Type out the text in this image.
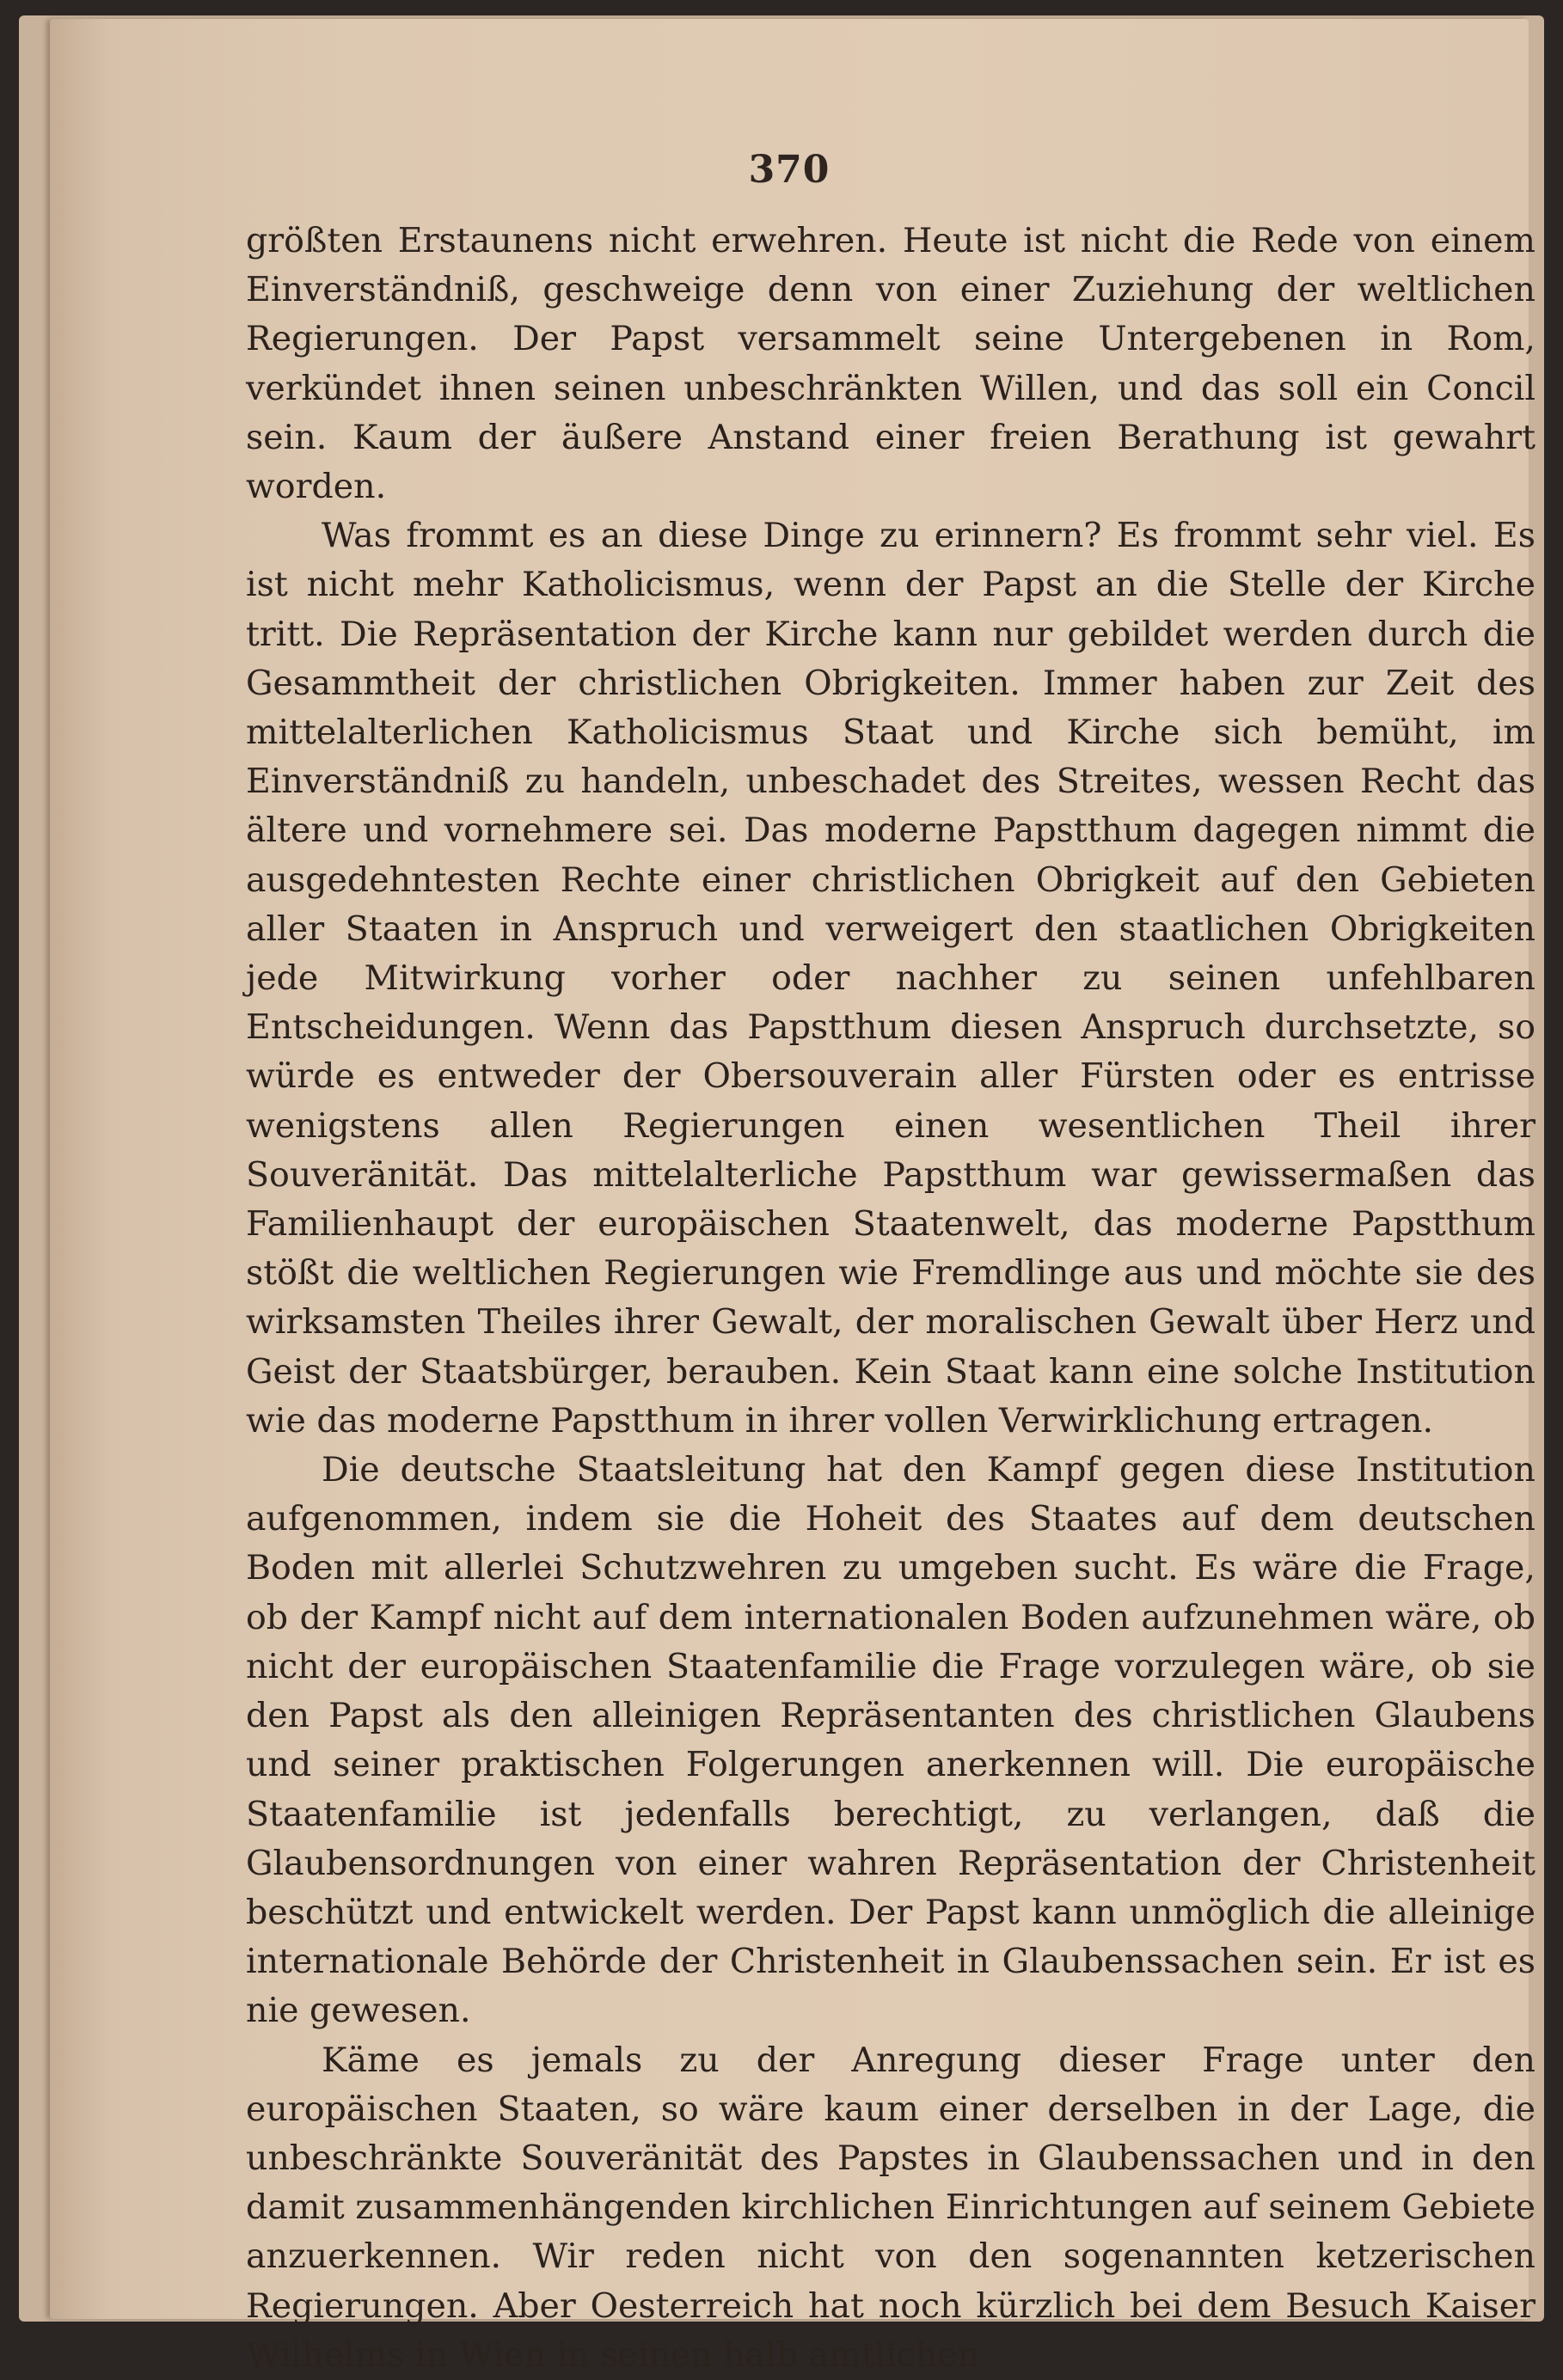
370

größten Erstaunens nicht erwehren. Heute ist nicht die Rede von einem Einverständniß, geschweige denn von einer Zuziehung der weltlichen Regierungen. Der Papst versammelt seine Untergebenen in Rom, verkündet ihnen seinen unbeschränkten Willen, und das soll ein Concil sein. Kaum der äußere Anstand einer freien Berathung ist gewahrt worden.

Was frommt es an diese Dinge zu erinnern? Es frommt sehr viel. Es ist nicht mehr Katholicismus, wenn der Papst an die Stelle der Kirche tritt. Die Repräsentation der Kirche kann nur gebildet werden durch die Gesammtheit der christlichen Obrigkeiten. Immer haben zur Zeit des mittelalterlichen Katholicismus Staat und Kirche sich bemüht, im Einverständniß zu handeln, unbeschadet des Streites, wessen Recht das ältere und vornehmere sei. Das moderne Papstthum dagegen nimmt die ausgedehntesten Rechte einer christlichen Obrigkeit auf den Gebieten aller Staaten in Anspruch und verweigert den staatlichen Obrigkeiten jede Mitwirkung vorher oder nachher zu seinen unfehlbaren Entscheidungen. Wenn das Papstthum diesen Anspruch durchsetzte, so würde es entweder der Obersouverain aller Fürsten oder es entrisse wenigstens allen Regierungen einen wesentlichen Theil ihrer Souveränität. Das mittelalterliche Papstthum war gewissermaßen das Familienhaupt der europäischen Staatenwelt, das moderne Papstthum stößt die weltlichen Regierungen wie Fremdlinge aus und möchte sie des wirksamsten Theiles ihrer Gewalt, der moralischen Gewalt über Herz und Geist der Staatsbürger, berauben. Kein Staat kann eine solche Institution wie das moderne Papstthum in ihrer vollen Verwirklichung ertragen.

Die deutsche Staatsleitung hat den Kampf gegen diese Institution aufgenommen, indem sie die Hoheit des Staates auf dem deutschen Boden mit allerlei Schutzwehren zu umgeben sucht. Es wäre die Frage, ob der Kampf nicht auf dem internationalen Boden aufzunehmen wäre, ob nicht der europäischen Staatenfamilie die Frage vorzulegen wäre, ob sie den Papst als den alleinigen Repräsentanten des christlichen Glaubens und seiner praktischen Folgerungen anerkennen will. Die europäische Staatenfamilie ist jedenfalls berechtigt, zu verlangen, daß die Glaubensordnungen von einer wahren Repräsentation der Christenheit beschützt und entwickelt werden. Der Papst kann unmöglich die alleinige internationale Behörde der Christenheit in Glaubenssachen sein. Er ist es nie gewesen.

Käme es jemals zu der Anregung dieser Frage unter den europäischen Staaten, so wäre kaum einer derselben in der Lage, die unbeschränkte Souveränität des Papstes in Glaubenssachen und in den damit zusammenhängenden kirchlichen Einrichtungen auf seinem Gebiete anzuerkennen. Wir reden nicht von den sogenannten ketzerischen Regierungen. Aber Oesterreich hat noch kürzlich bei dem Besuch Kaiser Wilhelms in Wien in seinen halb amtlichen
